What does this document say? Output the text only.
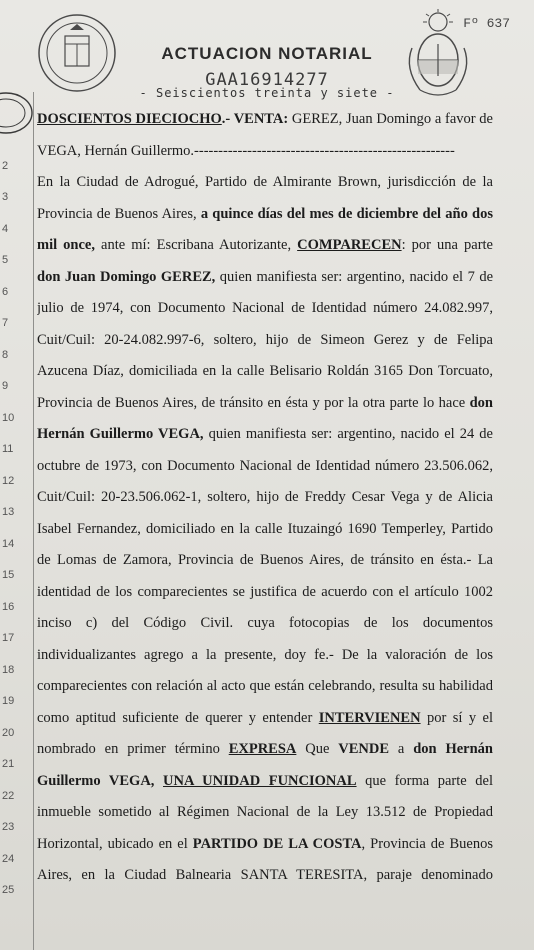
Fº 637
ACTUACION NOTARIAL
GAA16914277
- Seiscientos treinta y siete -
2
3
4
5
6
7
8
9
10
11
12
13
14
15
16
17
18
19
20
21
22
23
24
25
DOSCIENTOS DIECIOCHO.- VENTA: GEREZ, Juan Domingo a favor de
VEGA, Hernán Guillermo.------------------------------------------------------
En la Ciudad de Adrogué, Partido de Almirante Brown, jurisdicción de la
Provincia de Buenos Aires, a quince días del mes de diciembre del año dos
mil once, ante mí: Escribana Autorizante, COMPARECEN: por una parte
don Juan Domingo GEREZ, quien manifiesta ser: argentino, nacido el 7 de
julio de 1974, con Documento Nacional de Identidad número 24.082.997,
Cuit/Cuil: 20-24.082.997-6, soltero, hijo de Simeon Gerez y de Felipa
Azucena Díaz, domiciliada en la calle Belisario Roldán 3165 Don Torcuato,
Provincia de Buenos Aires, de tránsito en ésta y por la otra parte lo hace don
Hernán Guillermo VEGA, quien manifiesta ser: argentino, nacido el 24 de
octubre de 1973, con Documento Nacional de Identidad número 23.506.062,
Cuit/Cuil: 20-23.506.062-1, soltero, hijo de Freddy Cesar Vega y de Alicia
Isabel Fernandez, domiciliado en la calle Ituzaingó 1690 Temperley, Partido
de Lomas de Zamora, Provincia de Buenos Aires, de tránsito en ésta.- La
identidad de los comparecientes se justifica de acuerdo con el artículo 1002
inciso c) del Código Civil. cuya fotocopias de los documentos
individualizantes agrego a la presente, doy fe.- De la valoración de los
comparecientes con relación al acto que están celebrando, resulta su habilidad
como aptitud suficiente de querer y entender INTERVIENEN por sí y el
nombrado en primer término EXPRESA Que VENDE a don Hernán
Guillermo VEGA, UNA UNIDAD FUNCIONAL que forma parte del
inmueble sometido al Régimen Nacional de la Ley 13.512 de Propiedad
Horizontal, ubicado en el PARTIDO DE LA COSTA, Provincia de Buenos
Aires, en la Ciudad Balnearia SANTA TERESITA, paraje denominado
